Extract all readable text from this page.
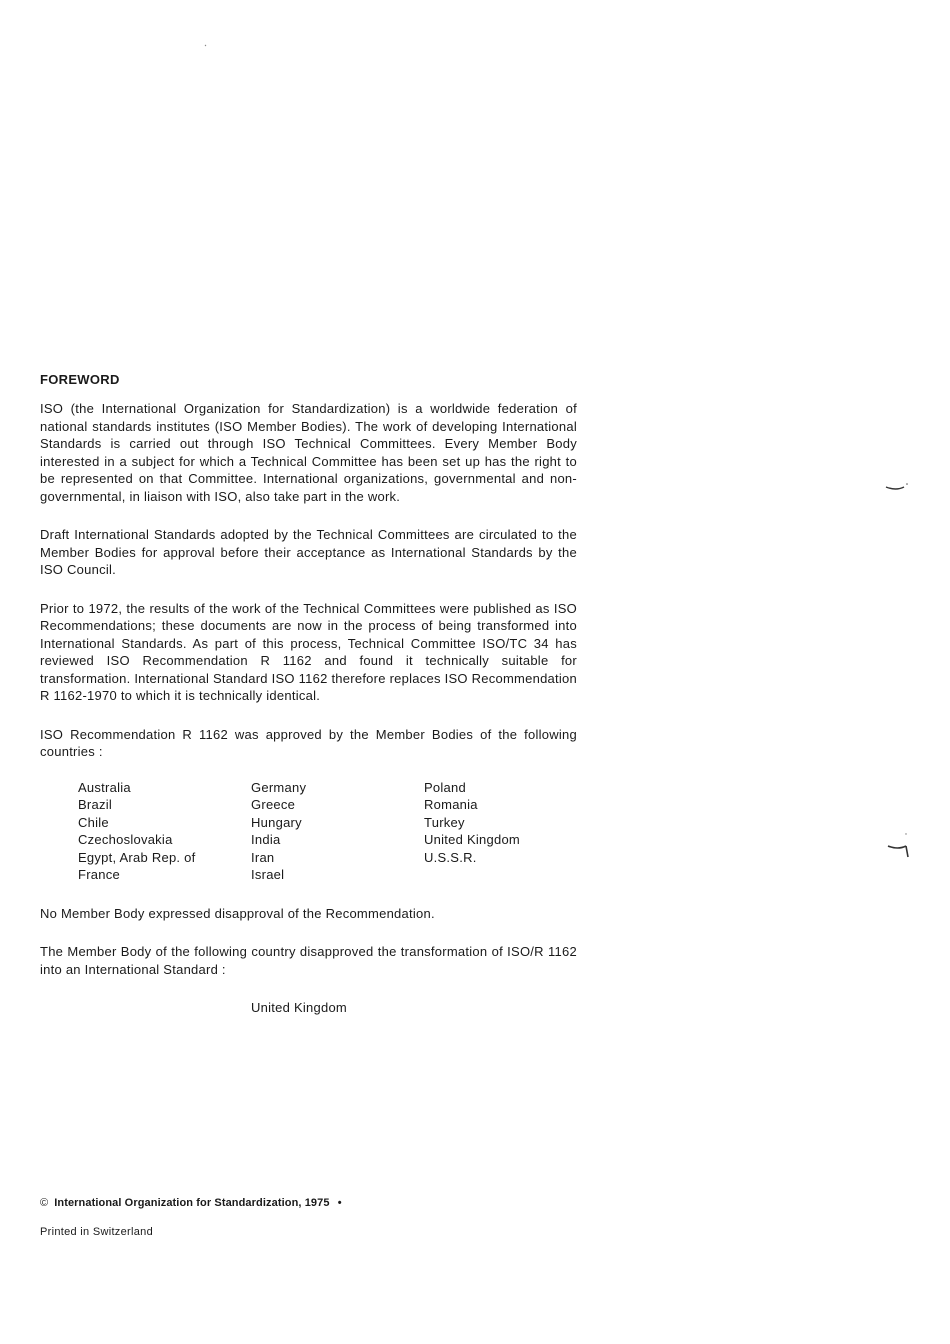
FOREWORD

ISO (the International Organization for Standardization) is a worldwide federation of national standards institutes (ISO Member Bodies). The work of developing International Standards is carried out through ISO Technical Committees. Every Member Body interested in a subject for which a Technical Committee has been set up has the right to be represented on that Committee. International organizations, governmental and non-governmental, in liaison with ISO, also take part in the work.

Draft International Standards adopted by the Technical Committees are circulated to the Member Bodies for approval before their acceptance as International Standards by the ISO Council.

Prior to 1972, the results of the work of the Technical Committees were published as ISO Recommendations; these documents are now in the process of being transformed into International Standards. As part of this process, Technical Committee ISO/TC 34 has reviewed ISO Recommendation R 1162 and found it technically suitable for transformation. International Standard ISO 1162 therefore replaces ISO Recommendation R 1162-1970 to which it is technically identical.

ISO Recommendation R 1162 was approved by the Member Bodies of the following countries :

Australia
Brazil
Chile
Czechoslovakia
Egypt, Arab Rep. of
France
Germany
Greece
Hungary
India
Iran
Israel
Poland
Romania
Turkey
United Kingdom
U.S.S.R.

No Member Body expressed disapproval of the Recommendation.

The Member Body of the following country disapproved the transformation of ISO/R 1162 into an International Standard :

United Kingdom
© International Organization for Standardization, 1975 •
Printed in Switzerland
